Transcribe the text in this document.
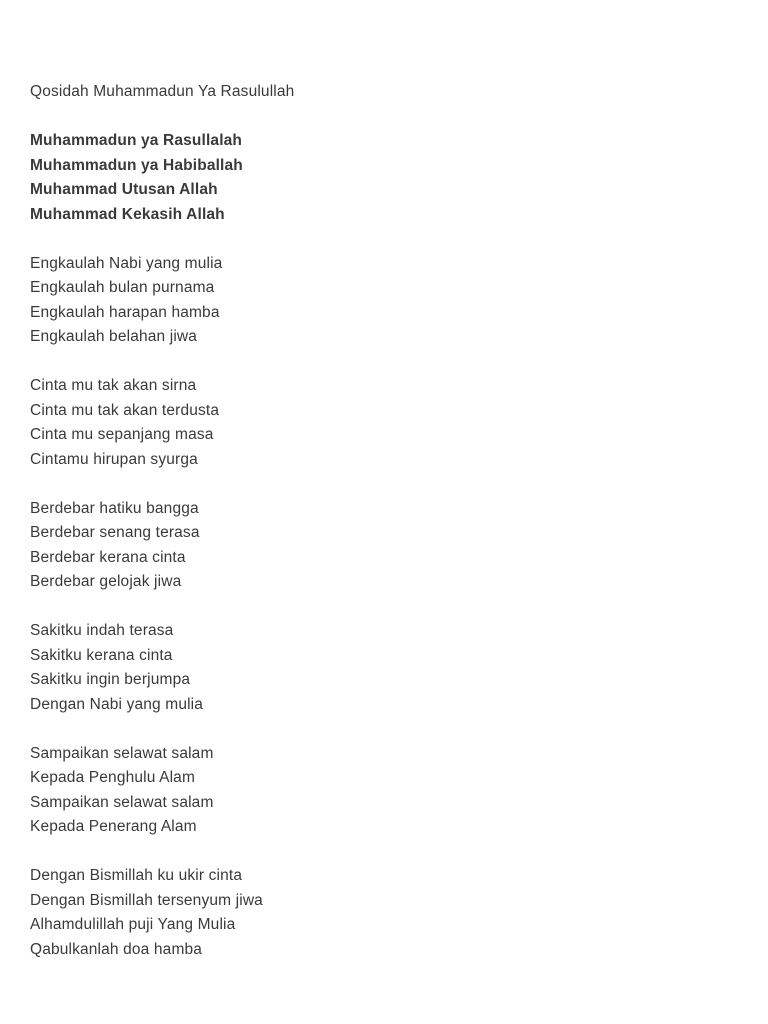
Qosidah Muhammadun Ya Rasulullah
Muhammadun ya Rasullalah
Muhammadun ya Habiballah
Muhammad Utusan Allah
Muhammad Kekasih Allah
Engkaulah Nabi yang mulia
Engkaulah bulan purnama
Engkaulah harapan hamba
Engkaulah belahan jiwa
Cinta mu tak akan sirna
Cinta mu tak akan terdusta
Cinta mu sepanjang masa
Cintamu hirupan syurga
Berdebar hatiku bangga
Berdebar senang terasa
Berdebar kerana cinta
Berdebar gelojak jiwa
Sakitku indah terasa
Sakitku kerana cinta
Sakitku ingin berjumpa
Dengan Nabi yang mulia
Sampaikan selawat salam
Kepada Penghulu Alam
Sampaikan selawat salam
Kepada Penerang Alam
Dengan Bismillah ku ukir cinta
Dengan Bismillah tersenyum jiwa
Alhamdulillah puji Yang Mulia
Qabulkanlah doa hamba
